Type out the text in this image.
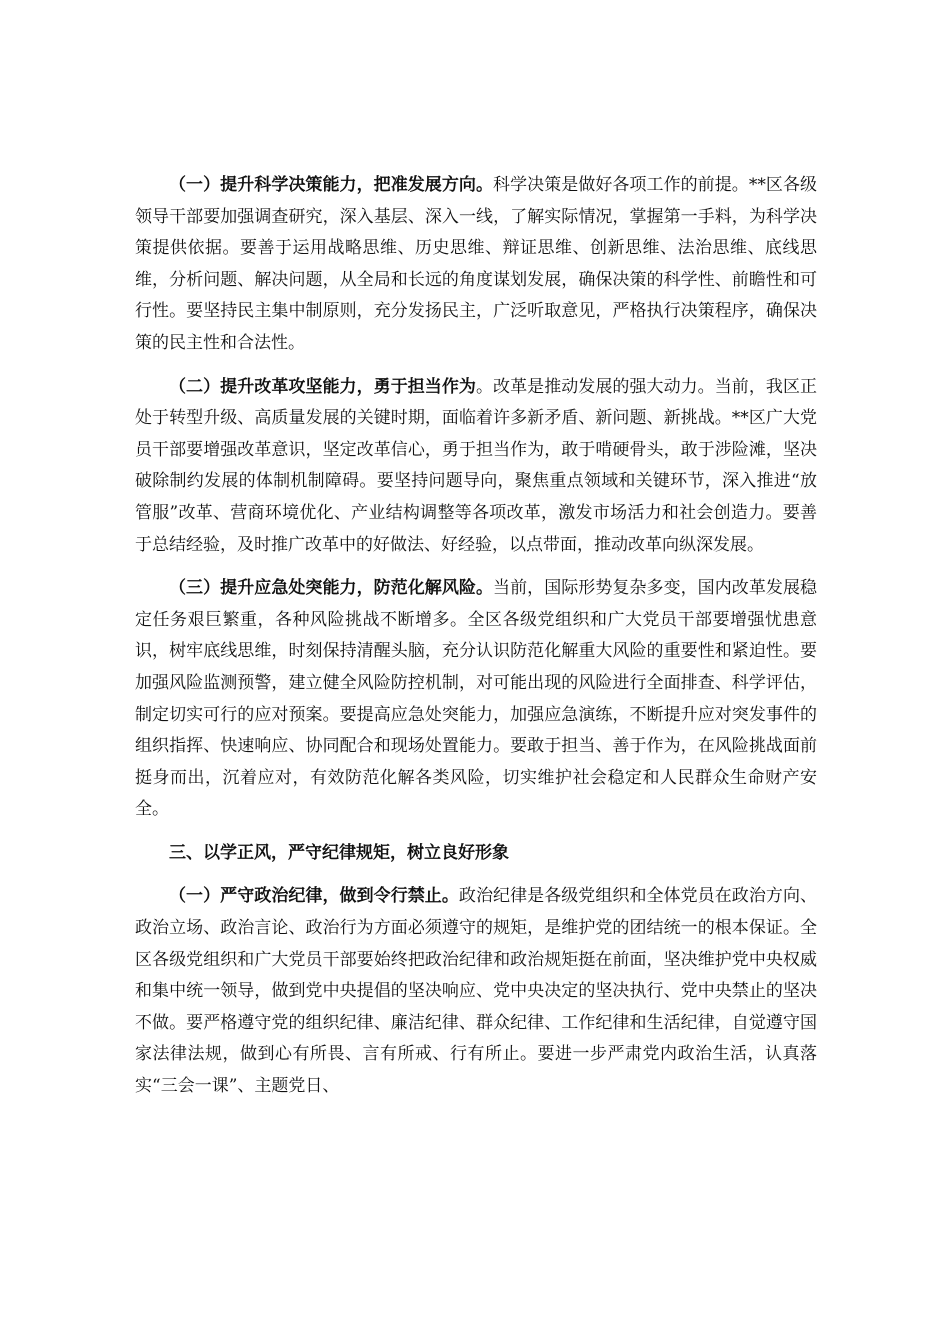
（一）提升科学决策能力，把准发展方向。科学决策是做好各项工作的前提。**区各级领导干部要加强调查研究，深入基层、深入一线，了解实际情况，掌握第一手料，为科学决策提供依据。要善于运用战略思维、历史思维、辩证思维、创新思维、法治思维、底线思维，分析问题、解决问题，从全局和长远的角度谋划发展，确保决策的科学性、前瞻性和可行性。要坚持民主集中制原则，充分发扬民主，广泛听取意见，严格执行决策程序，确保决策的民主性和合法性。

（二）提升改革攻坚能力，勇于担当作为。改革是推动发展的强大动力。当前，我区正处于转型升级、高质量发展的关键时期，面临着许多新矛盾、新问题、新挑战。**区广大党员干部要增强改革意识，坚定改革信心，勇于担当作为，敢于啃硬骨头，敢于涉险滩，坚决破除制约发展的体制机制障碍。要坚持问题导向，聚焦重点领域和关键环节，深入推进“放管服”改革、营商环境优化、产业结构调整等各项改革，激发市场活力和社会创造力。要善于总结经验，及时推广改革中的好做法、好经验，以点带面，推动改革向纵深发展。

（三）提升应急处突能力，防范化解风险。当前，国际形势复杂多变，国内改革发展稳定任务艰巨繁重，各种风险挑战不断增多。全区各级党组织和广大党员干部要增强忧患意识，树牢底线思维，时刻保持清醒头脑，充分认识防范化解重大风险的重要性和紧迫性。要加强风险监测预警，建立健全风险防控机制，对可能出现的风险进行全面排查、科学评估，制定切实可行的应对预案。要提高应急处突能力，加强应急演练，不断提升应对突发事件的组织指挥、快速响应、协同配合和现场处置能力。要敢于担当、善于作为，在风险挑战面前挺身而出，沉着应对，有效防范化解各类风险，切实维护社会稳定和人民群众生命财产安全。

三、以学正风，严守纪律规矩，树立良好形象

（一）严守政治纪律，做到令行禁止。政治纪律是各级党组织和全体党员在政治方向、政治立场、政治言论、政治行为方面必须遵守的规矩，是维护党的团结统一的根本保证。全区各级党组织和广大党员干部要始终把政治纪律和政治规矩挺在前面，坚决维护党中央权威和集中统一领导，做到党中央提倡的坚决响应、党中央决定的坚决执行、党中央禁止的坚决不做。要严格遵守党的组织纪律、廉洁纪律、群众纪律、工作纪律和生活纪律，自觉遵守国家法律法规，做到心有所畏、言有所戒、行有所止。要进一步严肃党内政治生活，认真落实“三会一课”、主题党日、
